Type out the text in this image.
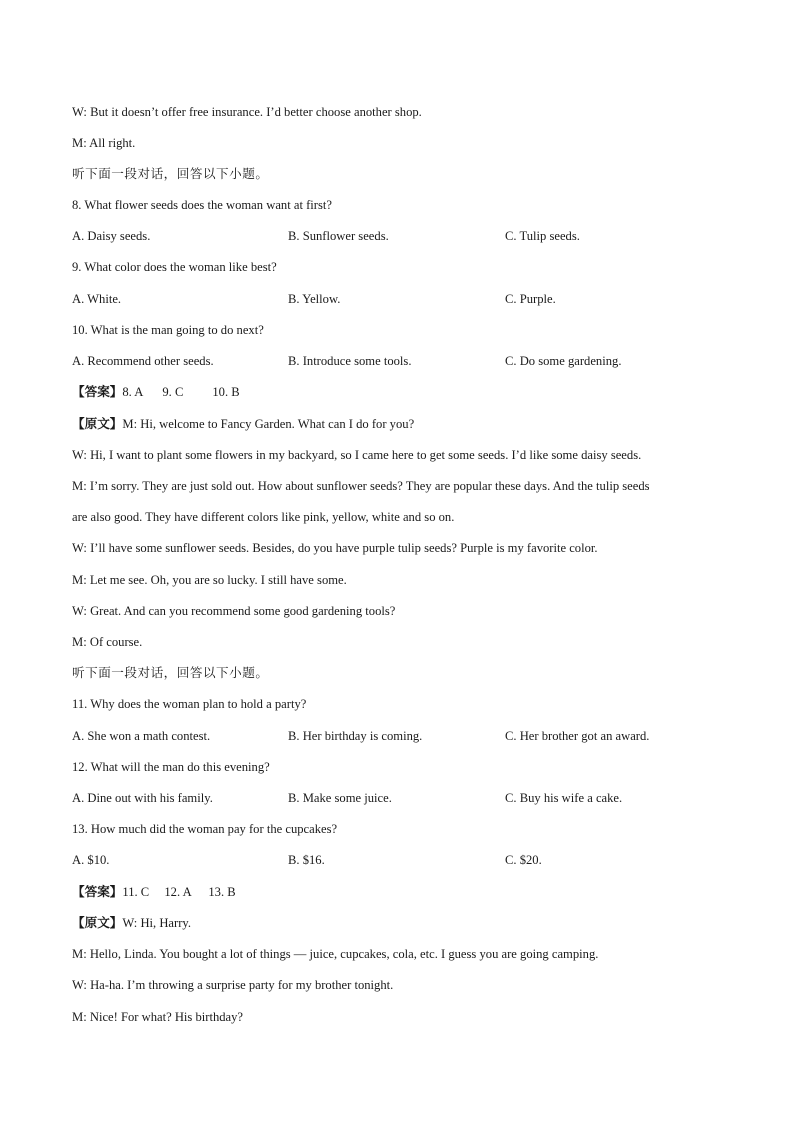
W: But it doesn’t offer free insurance. I’d better choose another shop.
M: All right.
听下面一段对话，回答以下小题。
8. What flower seeds does the woman want at first?
A. Daisy seeds.	B. Sunflower seeds.	C. Tulip seeds.
9. What color does the woman like best?
A. White.	B. Yellow.	C. Purple.
10. What is the man going to do next?
A. Recommend other seeds.	B. Introduce some tools.	C. Do some gardening.
【答案】8. A 9. C 10. B
【原文】M: Hi, welcome to Fancy Garden. What can I do for you?
W: Hi, I want to plant some flowers in my backyard, so I came here to get some seeds. I’d like some daisy seeds.
M: I’m sorry. They are just sold out. How about sunflower seeds? They are popular these days. And the tulip seeds
are also good. They have different colors like pink, yellow, white and so on.
W: I’ll have some sunflower seeds. Besides, do you have purple tulip seeds? Purple is my favorite color.
M: Let me see. Oh, you are so lucky. I still have some.
W: Great. And can you recommend some good gardening tools?
M: Of course.
听下面一段对话，回答以下小题。
11. Why does the woman plan to hold a party?
A. She won a math contest.	B. Her birthday is coming.	C. Her brother got an award.
12. What will the man do this evening?
A. Dine out with his family.	B. Make some juice.	C. Buy his wife a cake.
13. How much did the woman pay for the cupcakes?
A. $10.	B. $16.	C. $20.
【答案】11. C 12. A 13. B
【原文】W: Hi, Harry.
M: Hello, Linda. You bought a lot of things — juice, cupcakes, cola, etc. I guess you are going camping.
W: Ha-ha. I’m throwing a surprise party for my brother tonight.
M: Nice! For what? His birthday?
